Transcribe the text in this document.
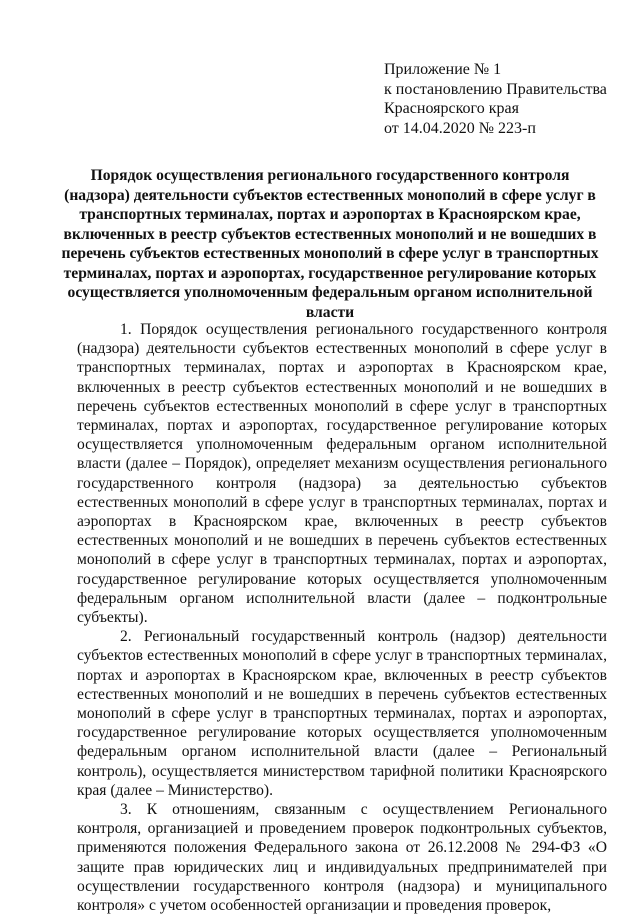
Приложение № 1
к постановлению Правительства
Красноярского края
от 14.04.2020 № 223-п
Порядок осуществления регионального государственного контроля (надзора) деятельности субъектов естественных монополий в сфере услуг в транспортных терминалах, портах и аэропортах в Красноярском крае, включенных в реестр субъектов естественных монополий и не вошедших в перечень субъектов естественных монополий в сфере услуг в транспортных терминалах, портах и аэропортах, государственное регулирование которых осуществляется уполномоченным федеральным органом исполнительной власти

1. Порядок осуществления регионального государственного контроля (надзора) деятельности субъектов естественных монополий в сфере услуг в транспортных терминалах, портах и аэропортах в Красноярском крае, включенных в реестр субъектов естественных монополий и не вошедших в перечень субъектов естественных монополий в сфере услуг в транспортных терминалах, портах и аэропортах, государственное регулирование которых осуществляется уполномоченным федеральным органом исполнительной власти (далее – Порядок), определяет механизм осуществления регионального государственного контроля (надзора) за деятельностью субъектов естественных монополий в сфере услуг в транспортных терминалах, портах и аэропортах в Красноярском крае, включенных в реестр субъектов естественных монополий и не вошедших в перечень субъектов естественных монополий в сфере услуг в транспортных терминалах, портах и аэропортах, государственное регулирование которых осуществляется уполномоченным федеральным органом исполнительной власти (далее – подконтрольные субъекты).

2. Региональный государственный контроль (надзор) деятельности субъектов естественных монополий в сфере услуг в транспортных терминалах, портах и аэропортах в Красноярском крае, включенных в реестр субъектов естественных монополий и не вошедших в перечень субъектов естественных монополий в сфере услуг в транспортных терминалах, портах и аэропортах, государственное регулирование которых осуществляется уполномоченным федеральным органом исполнительной власти (далее – Региональный контроль), осуществляется министерством тарифной политики Красноярского края (далее – Министерство).

3. К отношениям, связанным с осуществлением Регионального контроля, организацией и проведением проверок подконтрольных субъектов, применяются положения Федерального закона от 26.12.2008 № 294-ФЗ «О защите прав юридических лиц и индивидуальных предпринимателей при осуществлении государственного контроля (надзора) и муниципального контроля» с учетом особенностей организации и проведения проверок,
